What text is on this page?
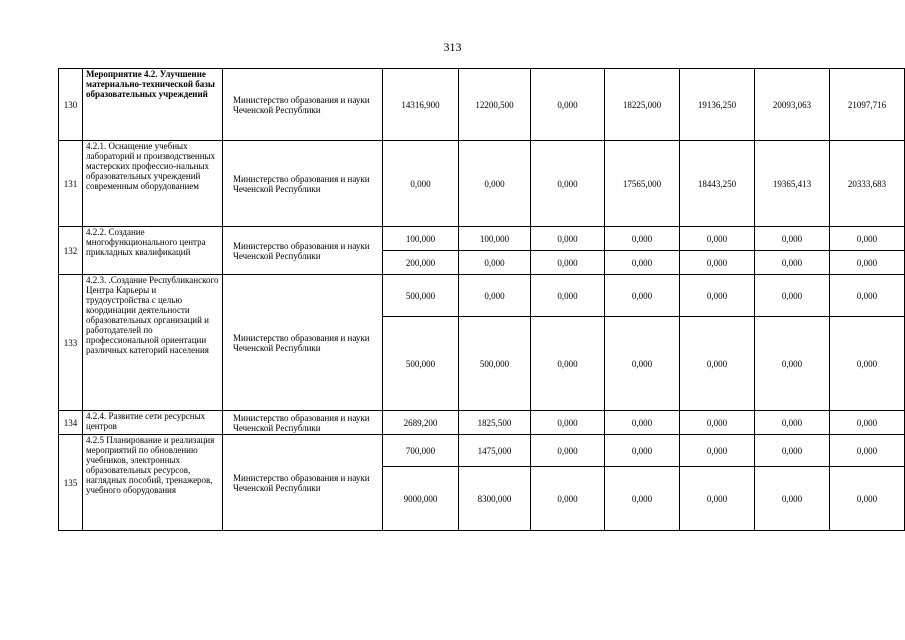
313
130	Мероприятие 4.2. Улучшение материально-технической базы образовательных учреждений	Министерство образования и науки Чеченской Республики	14316,900	12200,500	0,000	18225,000	19136,250	20093,063	21097,716
131	4.2.1. Оснащение учебных лабораторий и производственных мастерских профессио-нальных образовательных учреждений современным оборудованием	Министерство образования и науки Чеченской Республики	0,000	0,000	0,000	17565,000	18443,250	19365,413	20333,683
132	4.2.2. Создание многофункционального центра прикладных квалификаций	Министерство образования и науки Чеченской Республики	100,000	100,000	0,000	0,000	0,000	0,000	0,000
			200,000	0,000	0,000	0,000	0,000	0,000	0,000
133	4.2.3. .Создание Республиканского Центра Карьеры и трудоустройства с целью координации деятельности образовательных организаций и работодателей по профессиональной ориентации различных категорий населения	Министерство образования и науки Чеченской Республики	500,000	0,000	0,000	0,000	0,000	0,000	0,000
			500,000	500,000	0,000	0,000	0,000	0,000	0,000
134	4.2.4. Развитие сети ресурсных центров	Министерство образования и науки Чеченской Республики	2689,200	1825,500	0,000	0,000	0,000	0,000	0,000
135	4.2.5 Планирование и реализация мероприятий по обновлению учебников, электронных образовательных ресурсов, наглядных пособий, тренажеров, учебного оборудования	Министерство образования и науки Чеченской Республики	700,000	1475,000	0,000	0,000	0,000	0,000	0,000
			9000,000	8300,000	0,000	0,000	0,000	0,000	0,000
